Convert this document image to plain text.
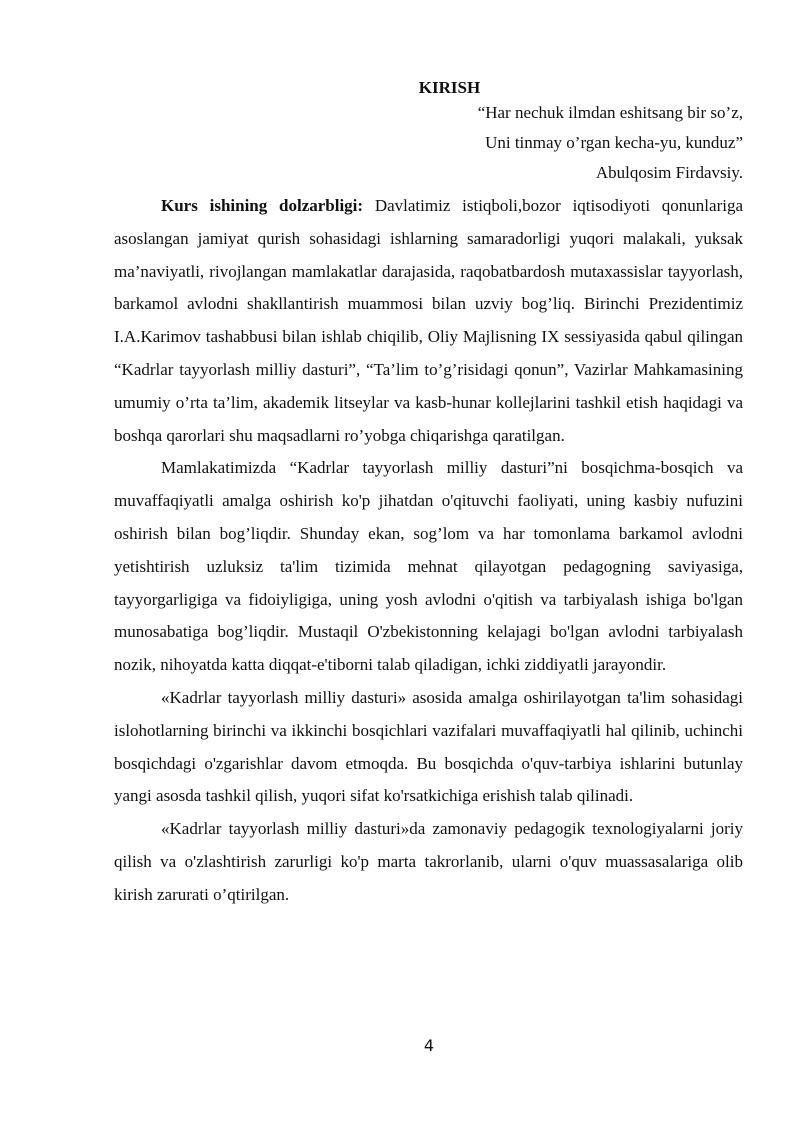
KIRISH

“Har nechuk ilmdan eshitsang bir so’z,

Uni tinmay o’rgan kecha-yu, kunduz”

Abulqosim Firdavsiy.

Kurs ishining dolzarbligi: Davlatimiz istiqboli,bozor iqtisodiyoti qonunlariga asoslangan jamiyat qurish sohasidagi ishlarning samaradorligi yuqori malakali, yuksak ma’naviyatli, rivojlangan mamlakatlar darajasida, raqobatbardosh mutaxassislar tayyorlash, barkamol avlodni shakllantirish muammosi bilan uzviy bog’liq. Birinchi Prezidentimiz I.A.Karimov tashabbusi bilan ishlab chiqilib, Oliy Majlisning IX sessiyasida qabul qilingan “Kadrlar tayyorlash milliy dasturi”, “Ta’lim to’g’risidagi qonun”, Vazirlar Mahkamasining umumiy o’rta ta’lim, akademik litseylar va kasb-hunar kollejlarini tashkil etish haqidagi va boshqa qarorlari shu maqsadlarni ro’yobga chiqarishga qaratilgan.

Mamlakatimizda “Kadrlar tayyorlash milliy dasturi”ni bosqichma-bosqich va muvaffaqiyatli amalga oshirish ko'p jihatdan o'qituvchi faoliyati, uning kasbiy nufuzini oshirish bilan bog’liqdir. Shunday ekan, sog’lom va har tomonlama barkamol avlodni yetishtirish uzluksiz ta'lim tizimida mehnat qilayotgan pedagogning saviyasiga, tayyorgarligiga va fidoiyligiga, uning yosh avlodni o'qitish va tarbiyalash ishiga bo'lgan munosabatiga bog’liqdir. Mustaqil O'zbekistonning kelajagi bo'lgan avlodni tarbiyalash nozik, nihoyatda katta diqqat-e'tiborni talab qiladigan, ichki ziddiyatli jarayondir.

«Kadrlar tayyorlash milliy dasturi» asosida amalga oshirilayotgan ta'lim sohasidagi islohotlarning birinchi va ikkinchi bosqichlari vazifalari muvaffaqiyatli hal qilinib, uchinchi bosqichdagi o'zgarishlar davom etmoqda. Bu bosqichda o'quv-tarbiya ishlarini butunlay yangi asosda tashkil qilish, yuqori sifat ko'rsatkichiga erishish talab qilinadi.

«Kadrlar tayyorlash milliy dasturi»da zamonaviy pedagogik texnologiyalarni joriy qilish va o'zlashtirish zarurligi ko'p marta takrorlanib, ularni o'quv muassasalariga olib kirish zarurati o’qtirilgan.

4
